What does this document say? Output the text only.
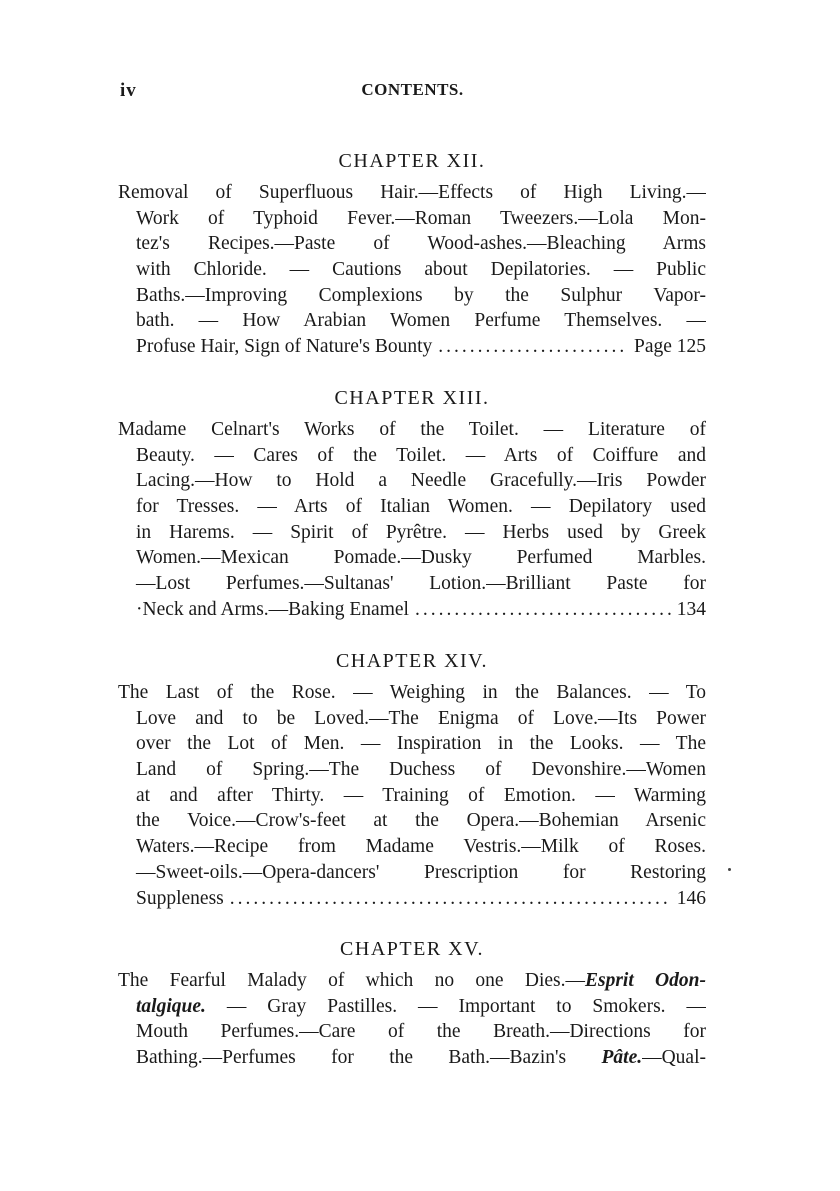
iv	CONTENTS.
CHAPTER XII.
Removal of Superfluous Hair.—Effects of High Living.—
Work of Typhoid Fever.—Roman Tweezers.—Lola Mon-
tez's Recipes.—Paste of Wood-ashes.—Bleaching Arms
with Chloride. — Cautions about Depilatories. — Public
Baths.—Improving Complexions by the Sulphur Vapor-
bath. — How Arabian Women Perfume Themselves. —
Profuse Hair, Sign of Nature's Bounty .....	Page 125
CHAPTER XIII.
Madame Celnart's Works of the Toilet. — Literature of
Beauty. — Cares of the Toilet. — Arts of Coiffure and
Lacing.—How to Hold a Needle Gracefully.—Iris Powder
for Tresses. — Arts of Italian Women. — Depilatory used
in Harems. — Spirit of Pyrêtre. — Herbs used by Greek
Women.—Mexican Pomade.—Dusky Perfumed Marbles.
—Lost Perfumes.—Sultanas' Lotion.—Brilliant Paste for
·Neck and Arms.—Baking Enamel .....	134
CHAPTER XIV.
The Last of the Rose. — Weighing in the Balances. — To
Love and to be Loved.—The Enigma of Love.—Its Power
over the Lot of Men. — Inspiration in the Looks. — The
Land of Spring.—The Duchess of Devonshire.—Women
at and after Thirty. — Training of Emotion. — Warming
the Voice.—Crow's-feet at the Opera.—Bohemian Arsenic
Waters.—Recipe from Madame Vestris.—Milk of Roses.
—Sweet-oils.—Opera-dancers' Prescription for Restoring
Suppleness .....	146
CHAPTER XV.
The Fearful Malady of which no one Dies.—Esprit Odon-
talgique. — Gray Pastilles. — Important to Smokers. —
Mouth Perfumes.—Care of the Breath.—Directions for
Bathing.—Perfumes for the Bath.—Bazin's Pâte.—Qual-
